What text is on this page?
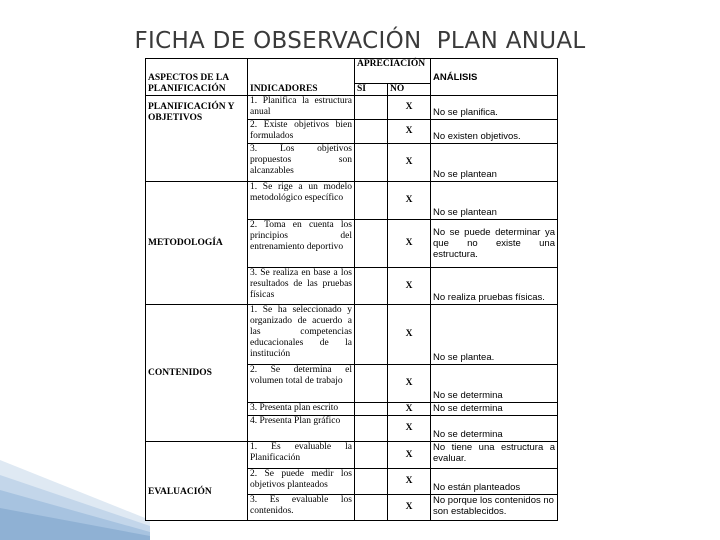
FICHA DE OBSERVACIÓN  PLAN ANUAL
ASPECTOS DE LA PLANIFICACIÓN	INDICADORES	APRECIACIÓN		ANÁLISIS
		SI	NO	
PLANIFICACIÓN Y OBJETIVOS	1. Planifica la estructura anual		X	No se planifica.
	2. Existe objetivos bien formulados		X	No existen objetivos.
	3. Los objetivos propuestos son alcanzables		X	No se plantean
METODOLOGÍA	1. Se rige a un modelo metodológico específico		X	No se plantean
	2. Toma en cuenta los principios del entrenamiento deportivo		X	No se puede determinar ya que no existe una estructura.
	3. Se realiza en base a los resultados de las pruebas físicas		X	No realiza pruebas físicas.
CONTENIDOS	1. Se ha seleccionado y organizado de acuerdo a las competencias educacionales de la institución		X	No se plantea.
	2. Se determina el volumen total de trabajo		X	No se determina
	3. Presenta plan escrito		X	No se determina
	4. Presenta Plan gráfico		X	No se determina
EVALUACIÓN	1. Es evaluable la Planificación		X	No tiene una estructura a evaluar.
	2. Se puede medir los objetivos planteados		X	No están planteados
	3. Es evaluable los contenidos.		X	No porque los contenidos no son establecidos.
